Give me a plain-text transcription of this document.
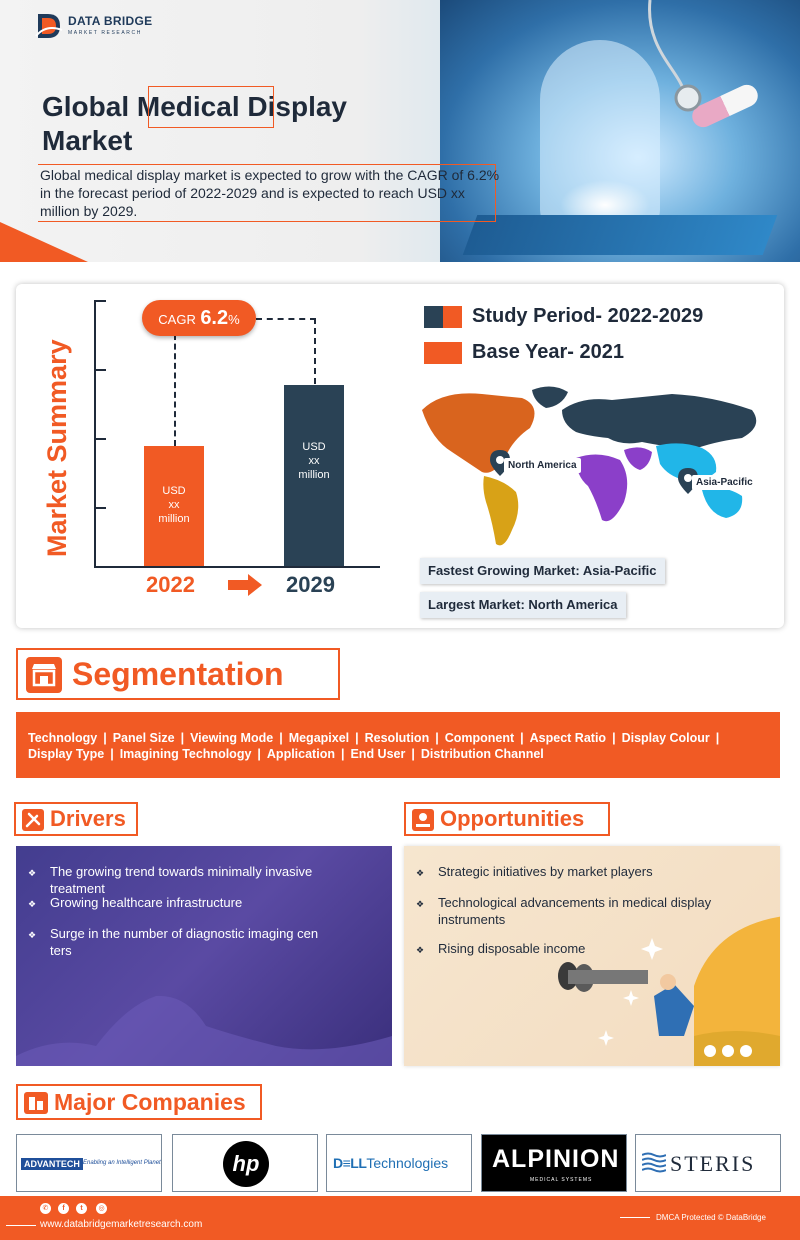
DATA BRIDGE
MARKET RESEARCH
Global Medical Display
Market
Global medical display market is expected to grow with the CAGR of 6.2% in the forecast period of 2022-2029 and is expected to reach USD xx million by 2029.
Market Summary	USD
xx
million
USD
xx
million
CAGR 6.2%
2022	2029
Study Period- 2022-2029
Base Year- 2021
North America
Asia-Pacific
Fastest Growing Market: Asia-Pacific
Largest Market: North America
Segmentation
Technology | Panel Size | Viewing Mode | Megapixel | Resolution | Component | Aspect Ratio | Display Colour |
Display Type | Imagining Technology | Application | End User | Distribution Channel
Drivers
❖ The growing trend towards minimally invasive
treatment
❖ Growing healthcare infrastructure
❖ Surge in the number of diagnostic imaging cen
ters
Opportunities
❖ Strategic initiatives by market players
❖ Technological advancements in medical display
instruments
❖ Rising disposable income
Major Companies
ADVANTECH Enabling an Intelligent Planet	hp	D≡LLTechnologies ALPINION
MEDICAL SYSTEMS
STERIS
✆	f	t	◎
www.databridgemarketresearch.com
DMCA Protected © DataBridge
